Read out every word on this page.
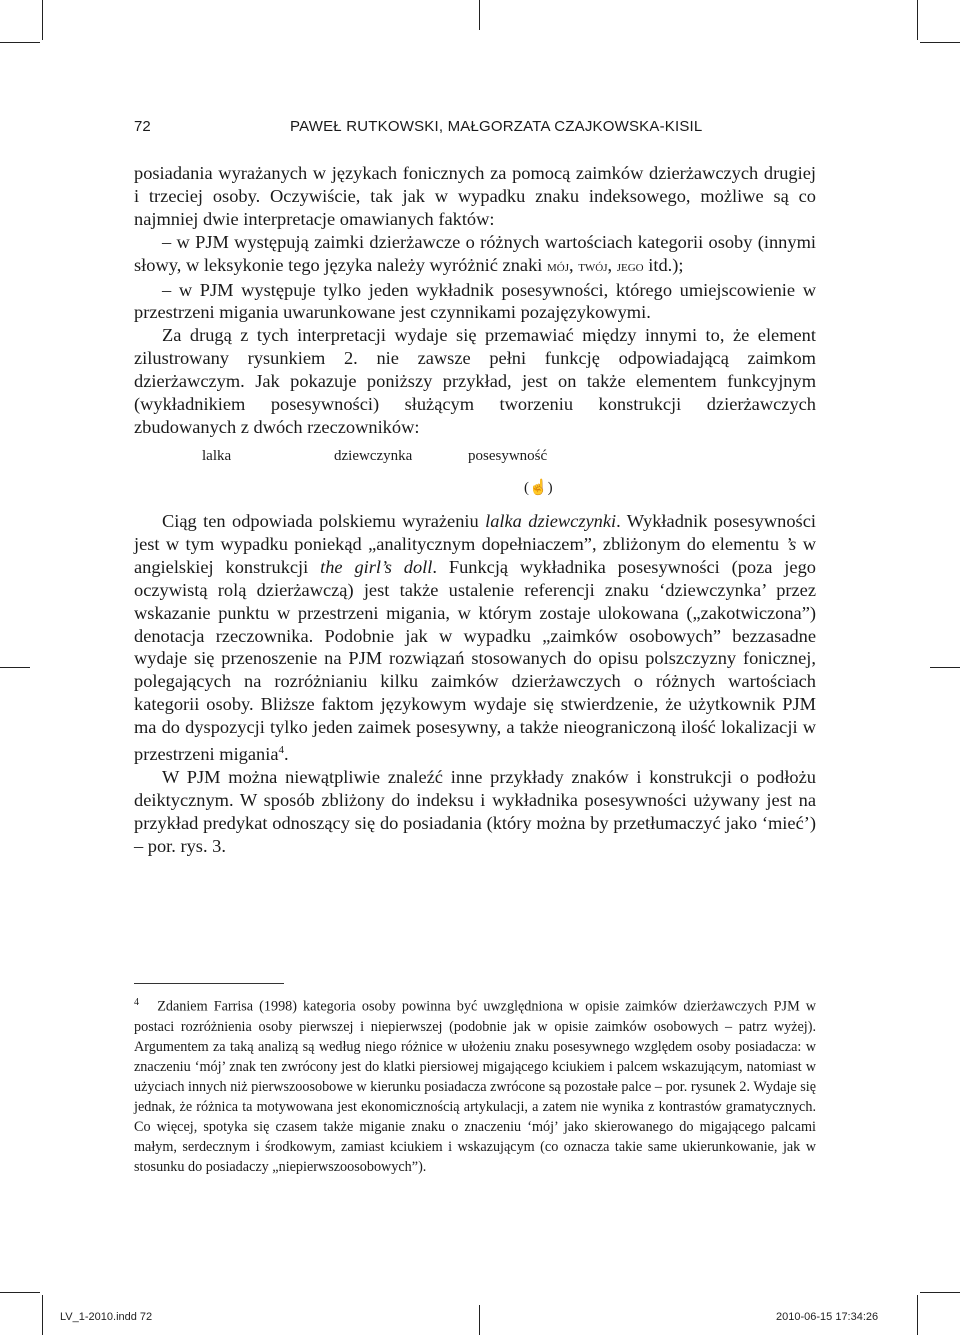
72	PAWEŁ RUTKOWSKI, MAŁGORZATA CZAJKOWSKA-KISIL

posiadania wyrażanych w językach fonicznych za pomocą zaimków dzierżawczych drugiej i trzeciej osoby. Oczywiście, tak jak w wypadku znaku indeksowego, możliwe są co najmniej dwie interpretacje omawianych faktów:

– w PJM występują zaimki dzierżawcze o różnych wartościach kategorii osoby (innymi słowy, w leksykonie tego języka należy wyróżnić znaki mój, twój, jego itd.);

– w PJM występuje tylko jeden wykładnik posesywności, którego umiejscowienie w przestrzeni migania uwarunkowane jest czynnikami pozajęzykowymi.

Za drugą z tych interpretacji wydaje się przemawiać między innymi to, że element zilustrowany rysunkiem 2. nie zawsze pełni funkcję odpowiadającą zaimkom dzierżawczym. Jak pokazuje poniższy przykład, jest on także elementem funkcyjnym (wykładnikiem posesywności) służącym tworzeniu konstrukcji dzierżawczych zbudowanych z dwóch rzeczowników:

lalka	dziewczynka	posesywność
(☝)

Ciąg ten odpowiada polskiemu wyrażeniu lalka dziewczynki. Wykładnik posesywności jest w tym wypadku poniekąd „analitycznym dopełniaczem”, zbliżonym do elementu ’s w angielskiej konstrukcji the girl’s doll. Funkcją wykładnika posesywności (poza jego oczywistą rolą dzierżawczą) jest także ustalenie referencji znaku ‘dziewczynka’ przez wskazanie punktu w przestrzeni migania, w którym zostaje ulokowana („zakotwiczona”) denotacja rzeczownika. Podobnie jak w wypadku „zaimków osobowych” bezzasadne wydaje się przenoszenie na PJM rozwiązań stosowanych do opisu polszczyzny fonicznej, polegających na rozróżnianiu kilku zaimków dzierżawczych o różnych wartościach kategorii osoby. Bliższe faktom językowym wydaje się stwierdzenie, że użytkownik PJM ma do dyspozycji tylko jeden zaimek posesywny, a także nieograniczoną ilość lokalizacji w przestrzeni migania$^4$.

W PJM można niewątpliwie znaleźć inne przykłady znaków i konstrukcji o podłożu deiktycznym. W sposób zbliżony do indeksu i wykładnika posesywności używany jest na przykład predykat odnoszący się do posiadania (który można by przetłumaczyć jako ‘mieć’) – por. rys. 3.

$^4$ Zdaniem Farrisa (1998) kategoria osoby powinna być uwzględniona w opisie zaimków dzierżawczych PJM w postaci rozróżnienia osoby pierwszej i niepierwszej (podobnie jak w opisie zaimków osobowych – patrz wyżej). Argumentem za taką analizą są według niego różnice w ułożeniu znaku posesywnego względem osoby posiadacza: w znaczeniu ‘mój’ znak ten zwrócony jest do klatki piersiowej migającego kciukiem i palcem wskazującym, natomiast w użyciach innych niż pierwszoosobowe w kierunku posiadacza zwrócone są pozostałe palce – por. rysunek 2. Wydaje się jednak, że różnica ta motywowana jest ekonomicznością artykulacji, a zatem nie wynika z kontrastów gramatycznych. Co więcej, spotyka się czasem także miganie znaku o znaczeniu ‘mój’ jako skierowanego do migającego palcami małym, serdecznym i środkowym, zamiast kciukiem i wskazującym (co oznacza takie same ukierunkowanie, jak w stosunku do posiadaczy „niepierwszoosobowych”).

LV_1-2010.indd 72	2010-06-15 17:34:26
